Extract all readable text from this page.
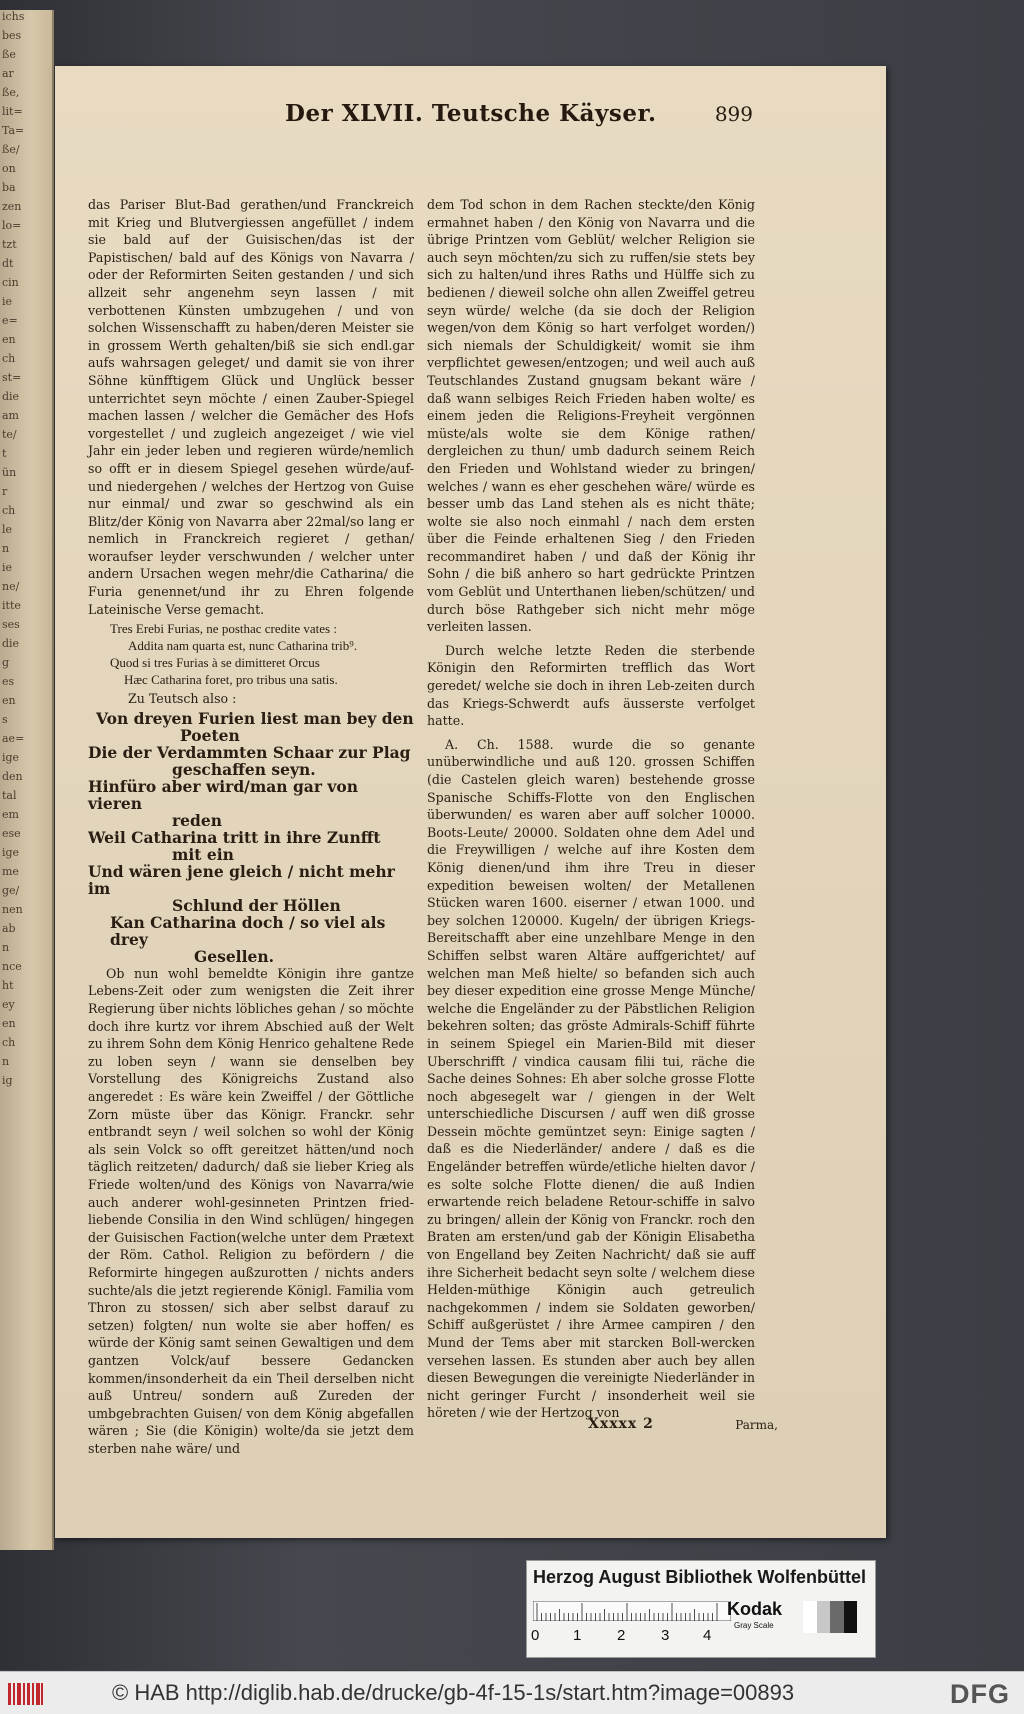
ichs
bes
ße
ar
ße,
lit=
Ta=
ße/
on
ba
zen
lo=
tzt
dt
cin
ie
e=
en
ch
st=
die
am
te/
t
ün
r
ch
le
n
ie
ne/
itte
ses
die
g
es
en
s
ae=
ige
den
tal
em
ese
ige
me
ge/
nen
ab
n
nce
ht
ey
en
ch
n
ig
Der XLVII. Teutsche Käyser.	899

das Pariser Blut-Bad gerathen/und Franckreich mit Krieg und Blutvergiessen angefüllet / indem sie bald auf der Guisischen/das ist der Papistischen/ bald auf des Königs von Navarra / oder der Reformirten Seiten gestanden / und sich allzeit sehr angenehm seyn lassen / mit verbottenen Künsten umbzugehen / und von solchen Wissenschafft zu haben/deren Meister sie in grossem Werth gehalten/biß sie sich endl.gar aufs wahrsagen geleget/ und damit sie von ihrer Söhne künfftigem Glück und Unglück besser unterrichtet seyn möchte / einen Zauber-Spiegel machen lassen / welcher die Gemächer des Hofs vorgestellet / und zugleich angezeiget / wie viel Jahr ein jeder leben und regieren würde/nemlich so offt er in diesem Spiegel gesehen würde/auf- und niedergehen / welches der Hertzog von Guise nur einmal/ und zwar so geschwind als ein Blitz/der König von Navarra aber 22mal/so lang er nemlich in Franckreich regieret / gethan/ woraufser leyder verschwunden / welcher unter andern Ursachen wegen mehr/die Catharina/ die Furia genennet/und ihr zu Ehren folgende Lateinische Verse gemacht.

Tres Erebi Furias, ne posthac credite vates :
Addita nam quarta est, nunc Catharina trib⁹.
Quod si tres Furias à se dimitteret Orcus
Hæc Catharina foret, pro tribus una satis.
Zu Teutsch also :
Von dreyen Furien liest man bey den
Poeten
Die der Verdammten Schaar zur Plag
geschaffen seyn.
Hinfüro aber wird/man gar von vieren
reden
Weil Catharina tritt in ihre Zunfft
mit ein
Und wären jene gleich / nicht mehr im
Schlund der Höllen
Kan Catharina doch / so viel als drey
Gesellen.

Ob nun wohl bemeldte Königin ihre gantze Lebens-Zeit oder zum wenigsten die Zeit ihrer Regierung über nichts löbliches gehan / so möchte doch ihre kurtz vor ihrem Abschied auß der Welt zu ihrem Sohn dem König Henrico gehaltene Rede zu loben seyn / wann sie denselben bey Vorstellung des Königreichs Zustand also angeredet : Es wäre kein Zweiffel / der Göttliche Zorn müste über das Königr. Franckr. sehr entbrandt seyn / weil solchen so wohl der König als sein Volck so offt gereitzet hätten/und noch täglich reitzeten/ dadurch/ daß sie lieber Krieg als Friede wolten/und des Königs von Navarra/wie auch anderer wohl-gesinneten Printzen fried-liebende Consilia in den Wind schlügen/ hingegen der Guisischen Faction(welche unter dem Prætext der Röm. Cathol. Religion zu befördern / die Reformirte hingegen außzurotten / nichts anders suchte/als die jetzt regierende Königl. Familia vom Thron zu stossen/ sich aber selbst darauf zu setzen) folgten/ nun wolte sie aber hoffen/ es würde der König samt seinen Gewaltigen und dem gantzen Volck/auf bessere Gedancken kommen/insonderheit da ein Theil derselben nicht auß Untreu/ sondern auß Zureden der umbgebrachten Guisen/ von dem König abgefallen wären ; Sie (die Königin) wolte/da sie jetzt dem sterben nahe wäre/ und

dem Tod schon in dem Rachen steckte/den König ermahnet haben / den König von Navarra und die übrige Printzen vom Geblüt/ welcher Religion sie auch seyn möchten/zu sich zu ruffen/sie stets bey sich zu halten/und ihres Raths und Hülffe sich zu bedienen / dieweil solche ohn allen Zweiffel getreu seyn würde/ welche (da sie doch der Religion wegen/von dem König so hart verfolget worden/) sich niemals der Schuldigkeit/ womit sie ihm verpflichtet gewesen/entzogen; und weil auch auß Teutschlandes Zustand gnugsam bekant wäre / daß wann selbiges Reich Frieden haben wolte/ es einem jeden die Religions-Freyheit vergönnen müste/als wolte sie dem Könige rathen/ dergleichen zu thun/ umb dadurch seinem Reich den Frieden und Wohlstand wieder zu bringen/ welches / wann es eher geschehen wäre/ würde es besser umb das Land stehen als es nicht thäte; wolte sie also noch einmahl / nach dem ersten über die Feinde erhaltenen Sieg / den Frieden recommandiret haben / und daß der König ihr Sohn / die biß anhero so hart gedrückte Printzen vom Geblüt und Unterthanen lieben/schützen/ und durch böse Rathgeber sich nicht mehr möge verleiten lassen.

Durch welche letzte Reden die sterbende Königin den Reformirten trefflich das Wort geredet/ welche sie doch in ihren Leb-zeiten durch das Kriegs-Schwerdt aufs äusserste verfolget hatte.

A. Ch. 1588. wurde die so genante unüberwindliche und auß 120. grossen Schiffen (die Castelen gleich waren) bestehende grosse Spanische Schiffs-Flotte von den Englischen überwunden/ es waren aber auff solcher 10000. Boots-Leute/ 20000. Soldaten ohne dem Adel und die Freywilligen / welche auf ihre Kosten dem König dienen/und ihm ihre Treu in dieser expedition beweisen wolten/ der Metallenen Stücken waren 1600. eiserner / etwan 1000. und bey solchen 120000. Kugeln/ der übrigen Kriegs-Bereitschafft aber eine unzehlbare Menge in den Schiffen selbst waren Altäre auffgerichtet/ auf welchen man Meß hielte/ so befanden sich auch bey dieser expedition eine grosse Menge Münche/ welche die Engeländer zu der Päbstlichen Religion bekehren solten; das gröste Admirals-Schiff führte in seinem Spiegel ein Marien-Bild mit dieser Uberschrifft / vindica causam filii tui, räche die Sache deines Sohnes: Eh aber solche grosse Flotte noch abgesegelt war / giengen in der Welt unterschiedliche Discursen / auff wen diß grosse Dessein möchte gemüntzet seyn: Einige sagten / daß es die Niederländer/ andere / daß es die Engeländer betreffen würde/etliche hielten davor / es solte solche Flotte dienen/ die auß Indien erwartende reich beladene Retour-schiffe in salvo zu bringen/ allein der König von Franckr. roch den Braten am ersten/und gab der Königin Elisabetha von Engelland bey Zeiten Nachricht/ daß sie auff ihre Sicherheit bedacht seyn solte / welchem diese Helden-müthige Königin auch getreulich nachgekommen / indem sie Soldaten geworben/ Schiff außgerüstet / ihre Armee campiren / den Mund der Tems aber mit starcken Boll-wercken versehen lassen. Es stunden aber auch bey allen diesen Bewegungen die vereinigte Niederländer in nicht geringer Furcht / insonderheit weil sie höreten / wie der Hertzog von

Xxxxx 2	Parma,
Herzog August Bibliothek Wolfenbüttel
0 1 2 3 4
Kodak
Gray Scale
© HAB http://diglib.hab.de/drucke/gb-4f-15-1s/start.htm?image=00893	DFG
